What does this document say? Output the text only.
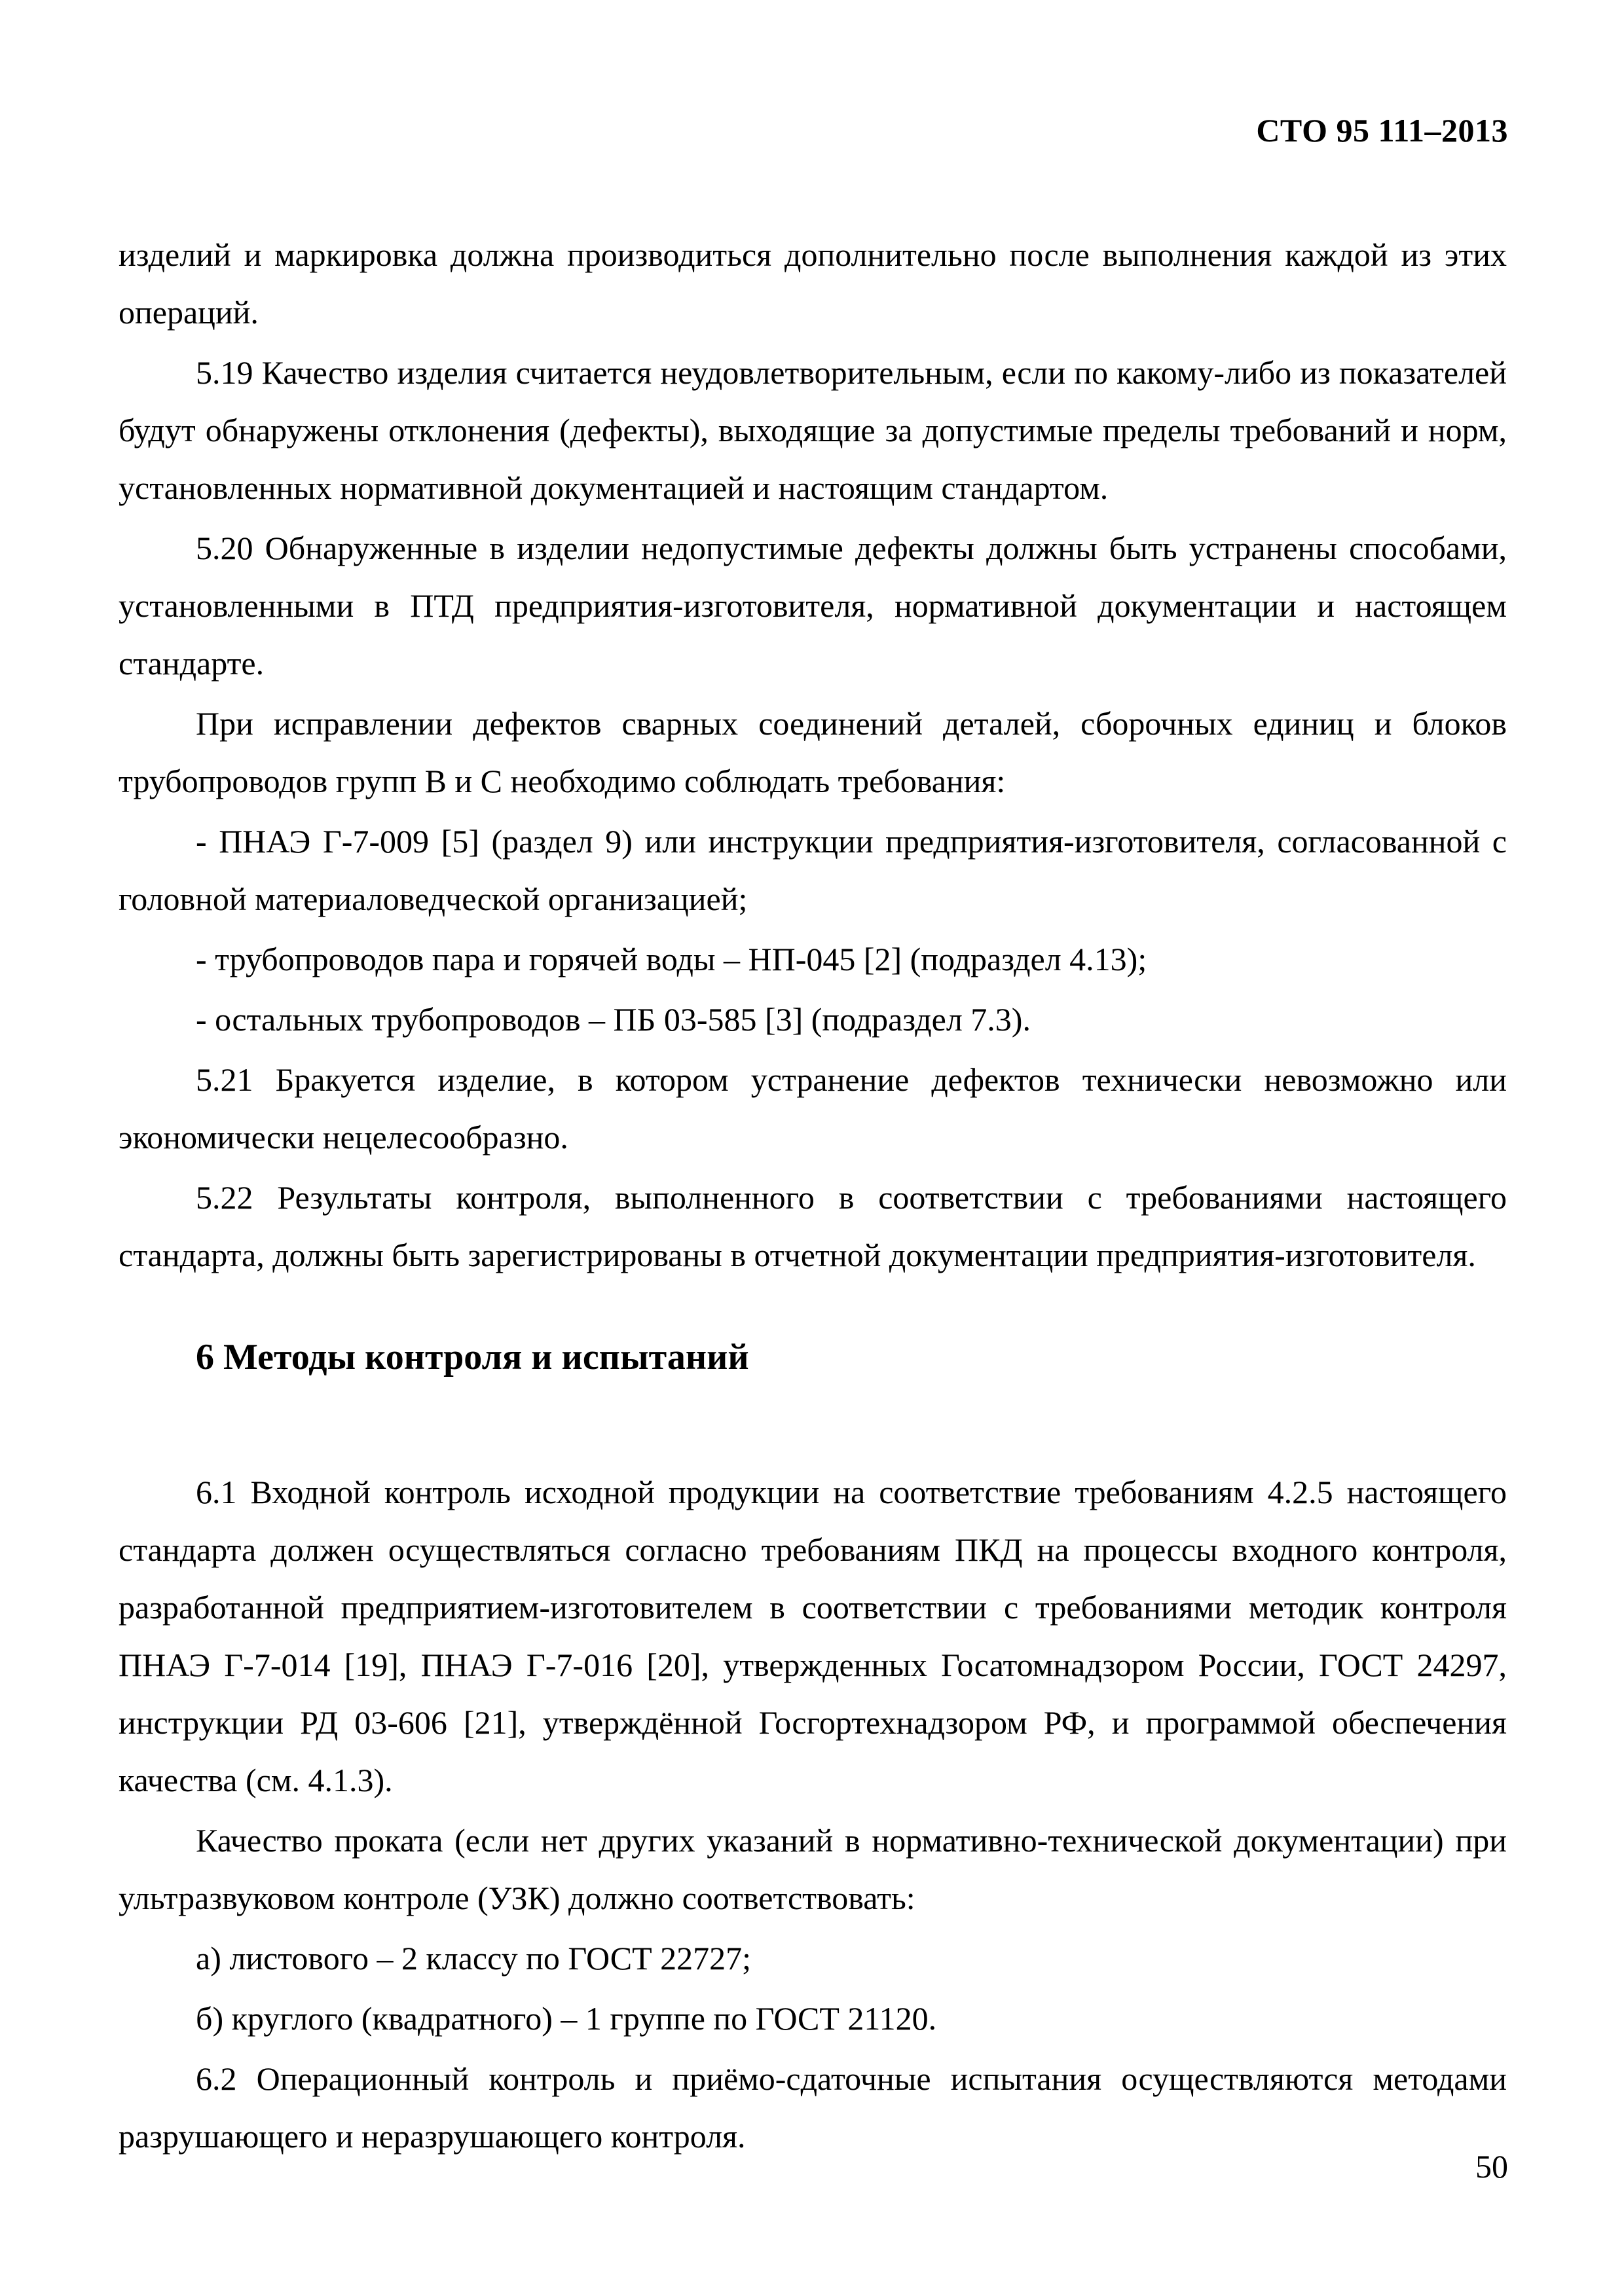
СТО 95 111–2013

изделий и маркировка должна производиться дополнительно после выполнения каждой из этих операций.

5.19 Качество изделия считается неудовлетворительным, если по какому-либо из показателей будут обнаружены отклонения (дефекты), выходящие за допустимые пределы требований и норм, установленных нормативной документацией и настоящим стандартом.

5.20 Обнаруженные в изделии недопустимые дефекты должны быть устранены способами, установленными в ПТД предприятия-изготовителя, нормативной документации и настоящем стандарте.

При исправлении дефектов сварных соединений деталей, сборочных единиц и блоков трубопроводов групп В и С необходимо соблюдать требования:

- ПНАЭ Г-7-009 [5] (раздел 9) или инструкции предприятия-изготовителя, согласованной с головной материаловедческой организацией;

- трубопроводов пара и горячей воды – НП-045 [2] (подраздел 4.13);

- остальных трубопроводов – ПБ 03-585 [3] (подраздел 7.3).

5.21 Бракуется изделие, в котором устранение дефектов технически невозможно или экономически нецелесообразно.

5.22 Результаты контроля, выполненного в соответствии с требованиями настоящего стандарта, должны быть зарегистрированы в отчетной документации предприятия-изготовителя.

6 Методы контроля и испытаний

6.1 Входной контроль исходной продукции на соответствие требованиям 4.2.5 настоящего стандарта должен осуществляться согласно требованиям ПКД на процессы входного контроля, разработанной предприятием-изготовителем в соответствии с требованиями методик контроля ПНАЭ Г-7-014 [19], ПНАЭ Г-7-016 [20], утвержденных Госатомнадзором России, ГОСТ 24297, инструкции РД 03-606 [21], утверждённой Госгортехнадзором РФ, и программой обеспечения качества (см. 4.1.3).

Качество проката (если нет других указаний в нормативно-технической документации) при ультразвуковом контроле (УЗК) должно соответствовать:

а) листового – 2 классу по ГОСТ 22727;

б) круглого (квадратного) – 1 группе по ГОСТ 21120.

6.2 Операционный контроль и приёмо-сдаточные испытания осуществляются методами разрушающего и неразрушающего контроля.

50
